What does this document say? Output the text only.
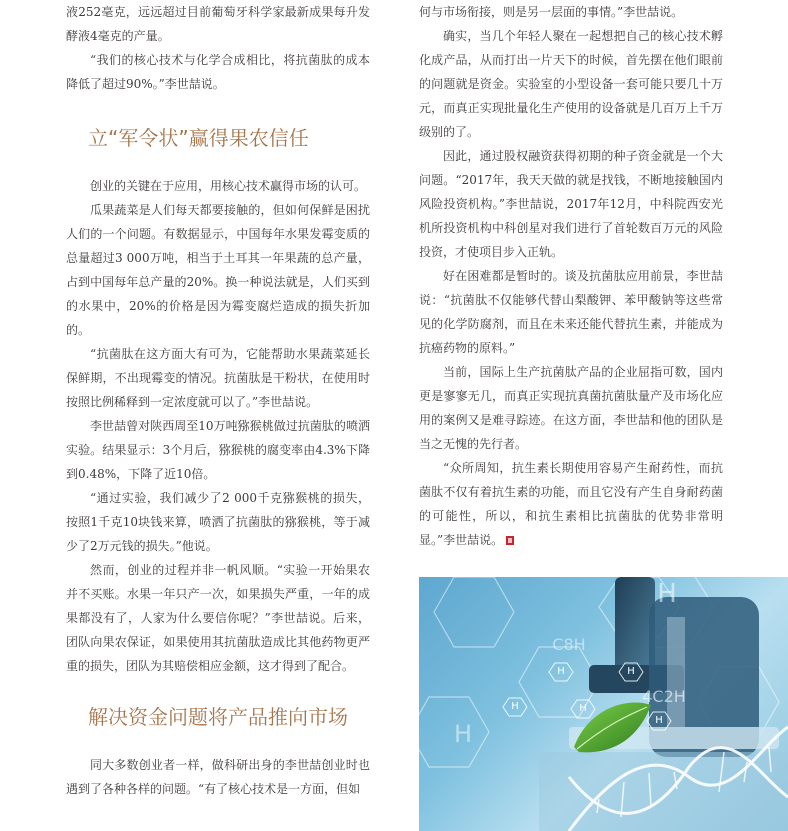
液252毫克，远远超过目前葡萄牙科学家最新成果每升发酵液4毫克的产量。

“我们的核心技术与化学合成相比，将抗菌肽的成本降低了超过90%。”李世喆说。

立“军令状”赢得果农信任

创业的关键在于应用，用核心技术赢得市场的认可。

瓜果蔬菜是人们每天都要接触的，但如何保鲜是困扰人们的一个问题。有数据显示，中国每年水果发霉变质的总量超过3 000万吨，相当于土耳其一年果蔬的总产量，占到中国每年总产量的20%。换一种说法就是，人们买到的水果中，20%的价格是因为霉变腐烂造成的损失折加的。

“抗菌肽在这方面大有可为，它能帮助水果蔬菜延长保鲜期，不出现霉变的情况。抗菌肽是干粉状，在使用时按照比例稀释到一定浓度就可以了。”李世喆说。

李世喆曾对陕西周至10万吨猕猴桃做过抗菌肽的喷洒实验。结果显示：3个月后，猕猴桃的腐变率由4.3%下降到0.48%，下降了近10倍。

“通过实验，我们减少了2 000千克猕猴桃的损失，按照1千克10块钱来算，喷洒了抗菌肽的猕猴桃，等于减少了2万元钱的损失。”他说。

然而，创业的过程并非一帆风顺。“实验一开始果农并不买账。水果一年只产一次，如果损失严重，一年的成果都没有了，人家为什么要信你呢？”李世喆说。后来，团队向果农保证，如果使用其抗菌肽造成比其他药物更严重的损失，团队为其赔偿相应金额，这才得到了配合。

解决资金问题将产品推向市场

同大多数创业者一样，做科研出身的李世喆创业时也遇到了各种各样的问题。“有了核心技术是一方面，但如

何与市场衔接，则是另一层面的事情。”李世喆说。

确实，当几个年轻人聚在一起想把自己的核心技术孵化成产品，从而打出一片天下的时候，首先摆在他们眼前的问题就是资金。实验室的小型设备一套可能只要几十万元，而真正实现批量化生产使用的设备就是几百万上千万级别的了。

因此，通过股权融资获得初期的种子资金就是一个大问题。“2017年，我天天做的就是找钱，不断地接触国内风险投资机构。”李世喆说，2017年12月，中科院西安光机所投资机构中科创星对我们进行了首轮数百万元的风险投资，才使项目步入正轨。

好在困难都是暂时的。谈及抗菌肽应用前景，李世喆说：“抗菌肽不仅能够代替山梨酸钾、苯甲酸钠等这些常见的化学防腐剂，而且在未来还能代替抗生素，并能成为抗癌药物的原料。”

当前，国际上生产抗菌肽产品的企业屈指可数，国内更是寥寥无几，而真正实现抗真菌抗菌肽量产及市场化应用的案例又是难寻踪迹。在这方面，李世喆和他的团队是当之无愧的先行者。

“众所周知，抗生素长期使用容易产生耐药性，而抗菌肽不仅有着抗生素的功能，而且它没有产生自身耐药菌的可能性，所以，和抗生素相比抗菌肽的优势非常明显。”李世喆说。

H
H
C8H
H	H
4C2H
H	H
H
